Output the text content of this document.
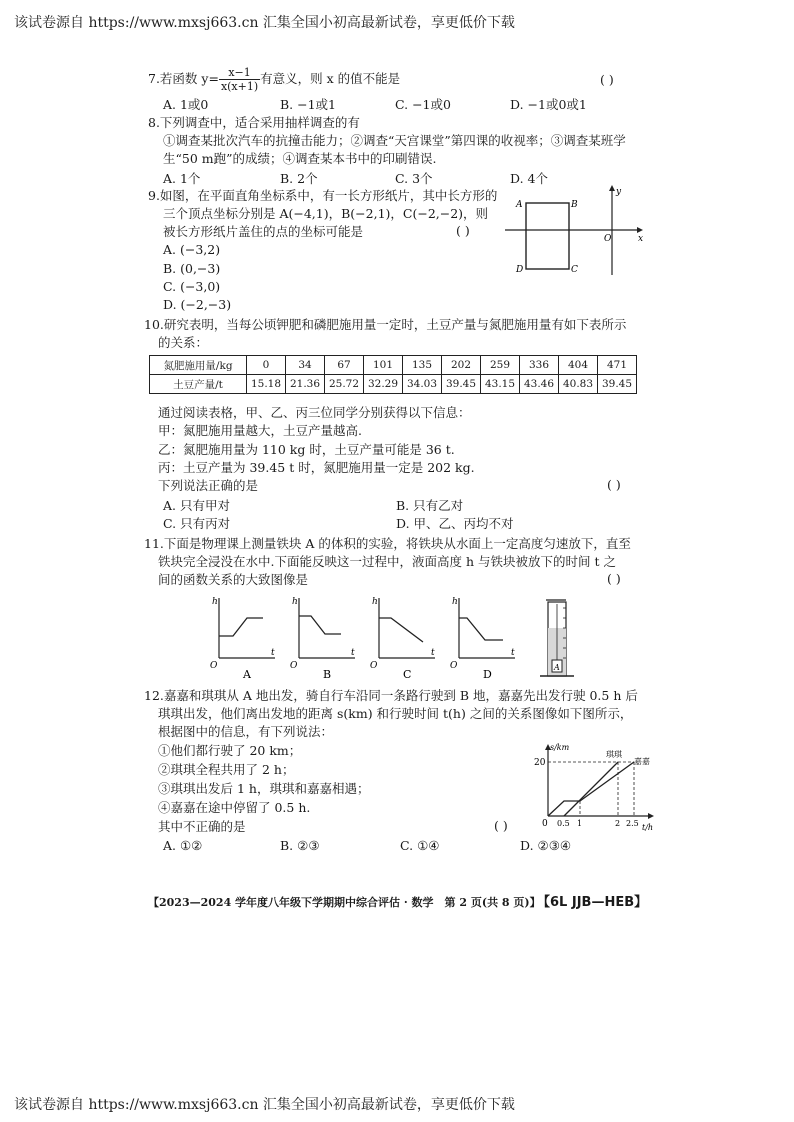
该试卷源自 https://www.mxsj663.cn 汇集全国小初高最新试卷，享更低价下载
7.若函数 $y= \frac{x-1}{x(x+1)}$ 有意义，则 x 的值不能是	( )
A. 1或0	B. −1或1	C. −1或0	D. −1或0或1
8.下列调查中，适合采用抽样调查的有
①调查某批次汽车的抗撞击能力；②调查“天宫课堂”第四课的收视率；③调查某班学
生“50 m跑”的成绩；④调查某本书中的印刷错误.
A. 1个	B. 2个	C. 3个	D. 4个
9.如图，在平面直角坐标系中，有一长方形纸片，其中长方形的
三个顶点坐标分别是 A(−4,1)，B(−2,1)，C(−2,−2)，则
被长方形纸片盖住的点的坐标可能是	( )
A. (−3,2)
B. (0,−3)
C. (−3,0)
D. (−2,−3)
A	B
C
D
O	x
y
10.研究表明，当每公顷钾肥和磷肥施用量一定时，土豆产量与氮肥施用量有如下表所示
的关系：
氮肥施用量/kg	0	34	67	101	135	202	259	336	404	471
土豆产量/t	15.18	21.36	25.72	32.29	34.03	39.45	43.15	43.46	40.83	39.45
通过阅读表格，甲、乙、丙三位同学分别获得以下信息：
甲：氮肥施用量越大，土豆产量越高.
乙：氮肥施用量为 110 kg 时，土豆产量可能是 36 t.
丙：土豆产量为 39.45 t 时，氮肥施用量一定是 202 kg.
下列说法正确的是	( )
A. 只有甲对	B. 只有乙对
C. 只有丙对	D. 甲、乙、丙均不对
11.下面是物理课上测量铁块 A 的体积的实验，将铁块从水面上一定高度匀速放下，直至
铁块完全浸没在水中.下面能反映这一过程中，液面高度 h 与铁块被放下的时间 t 之
间的函数关系的大致图像是	( )
h
t
O
A
h
t
O
B
h
t
O
C
h
t
O
D
A
12.嘉嘉和琪琪从 A 地出发，骑自行车沿同一条路行驶到 B 地，嘉嘉先出发行驶 0.5 h 后
琪琪出发，他们离出发地的距离 s(km) 和行驶时间 t(h) 之间的关系图像如下图所示，
根据图中的信息，有下列说法：
①他们都行驶了 20 km；
②琪琪全程共用了 2 h；
③琪琪出发后 1 h，琪琪和嘉嘉相遇；
④嘉嘉在途中停留了 0.5 h.
其中不正确的是	( )
A. ①②	B. ②③	C. ①④	D. ②③④
s/km
t/h
20
0 0.5 1	2 2.5
琪琪
嘉嘉
【2023—2024 学年度八年级下学期期中综合评估 · 数学　第 2 页(共 8 页)】
【6L JJB—HEB】
该试卷源自 https://www.mxsj663.cn 汇集全国小初高最新试卷，享更低价下载
